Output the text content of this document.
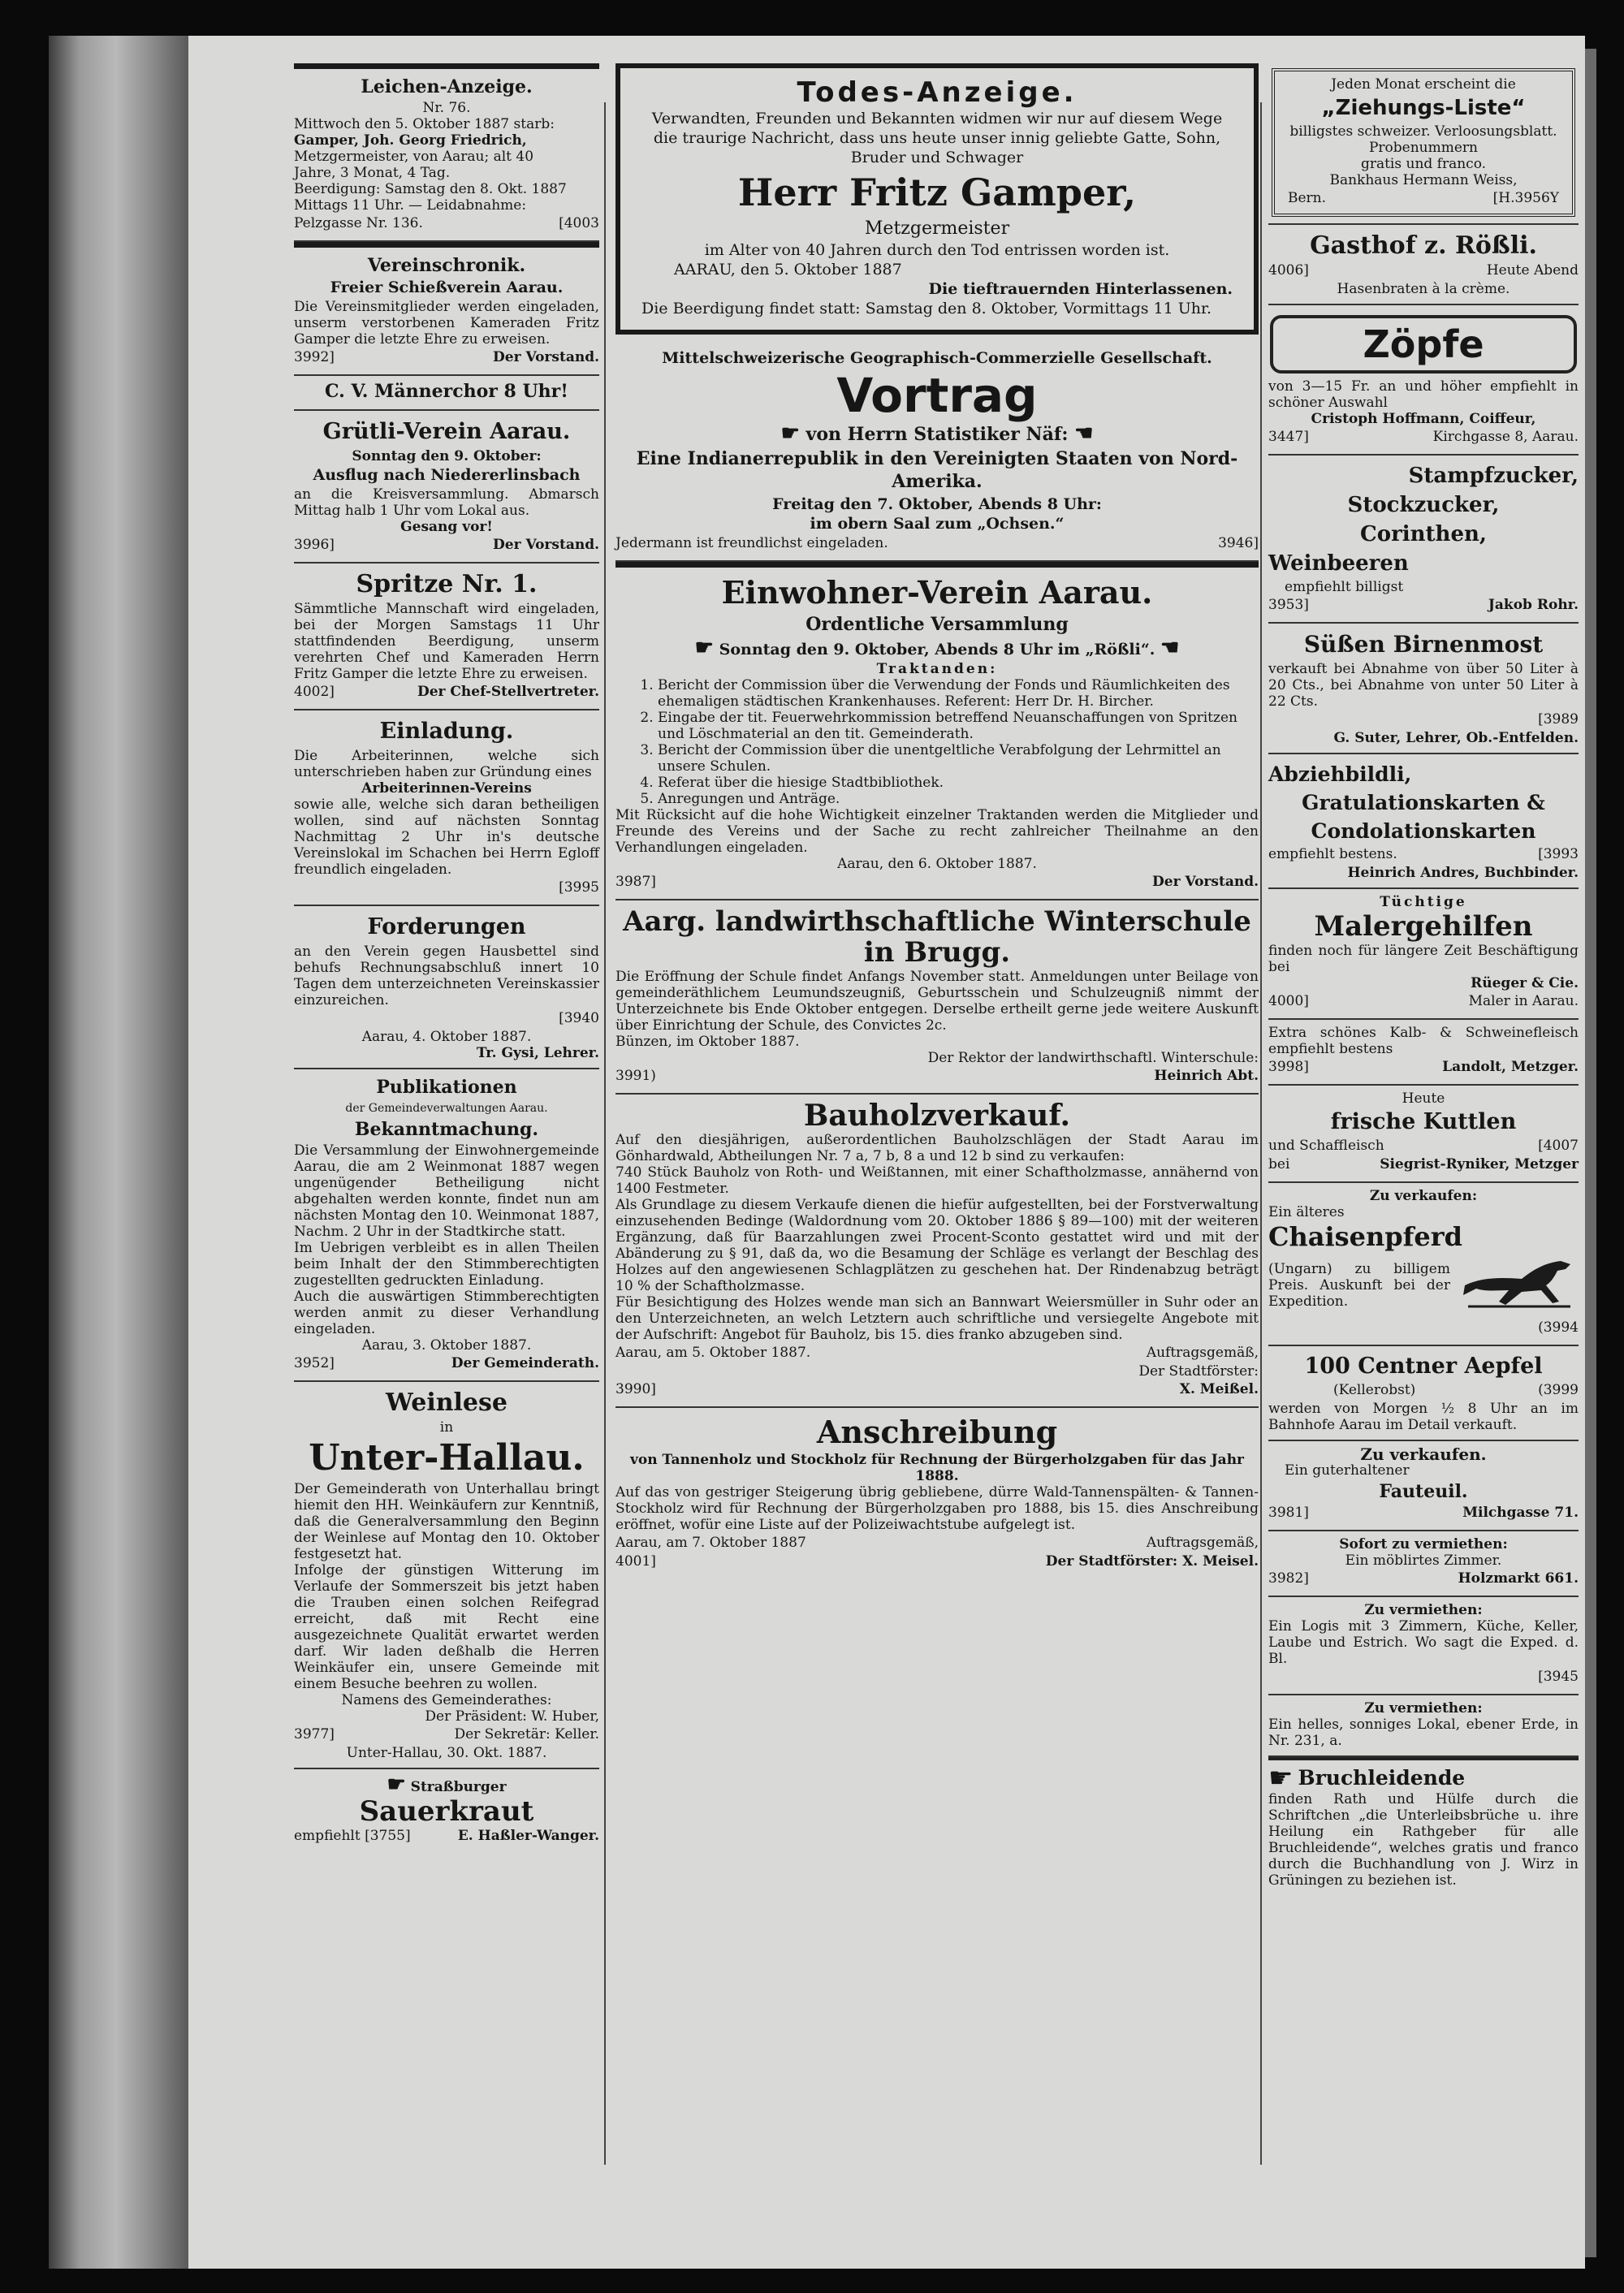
Leichen-Anzeige.

Nr. 76.

Mittwoch den 5. Oktober 1887 starb:

Gamper, Joh. Georg Friedrich,

Metzgermeister, von Aarau; alt 40

Jahre, 3 Monat, 4 Tag.

Beerdigung: Samstag den 8. Okt. 1887

Mittags 11 Uhr. — Leidabnahme:

Pelzgasse Nr. 136.	[4003
Vereinschronik.
Freier Schießverein Aarau.

Die Vereinsmitglieder werden eingeladen, unserm verstorbenen Kameraden Fritz Gamper die letzte Ehre zu erweisen.

3992]	Der Vorstand.
C. V. Männerchor 8 Uhr!
Grütli-Verein Aarau.

Sonntag den 9. Oktober:

Ausflug nach Niedererlinsbach

an die Kreisversammlung. Abmarsch Mittag halb 1 Uhr vom Lokal aus.

Gesang vor!

3996]	Der Vorstand.
Spritze Nr. 1.

Sämmtliche Mannschaft wird eingeladen, bei der Morgen Samstags 11 Uhr stattfindenden Beerdigung, unserm verehrten Chef und Kameraden Herrn Fritz Gamper die letzte Ehre zu erweisen.

4002]	Der Chef-Stellvertreter.
Einladung.

Die Arbeiterinnen, welche sich unterschrieben haben zur Gründung eines

Arbeiterinnen-Vereins

sowie alle, welche sich daran betheiligen wollen, sind auf nächsten Sonntag Nachmittag 2 Uhr in's deutsche Vereinslokal im Schachen bei Herrn Egloff freundlich eingeladen.

[3995
Forderungen

an den Verein gegen Hausbettel sind behufs Rechnungsabschluß innert 10 Tagen dem unterzeichneten Vereinskassier einzureichen.

[3940

Aarau, 4. Oktober 1887.

Tr. Gysi, Lehrer.

Publikationen

der Gemeindeverwaltungen Aarau.

Bekanntmachung.

Die Versammlung der Einwohnergemeinde Aarau, die am 2 Weinmonat 1887 wegen ungenügender Betheiligung nicht abgehalten werden konnte, findet nun am nächsten Montag den 10. Weinmonat 1887, Nachm. 2 Uhr in der Stadtkirche statt.

Im Uebrigen verbleibt es in allen Theilen beim Inhalt der den Stimmberechtigten zugestellten gedruckten Einladung.

Auch die auswärtigen Stimmberechtigten werden anmit zu dieser Verhandlung eingeladen.

Aarau, 3. Oktober 1887.

3952]	Der Gemeinderath.
Weinlese

in

Unter-Hallau.

Der Gemeinderath von Unterhallau bringt hiemit den HH. Weinkäufern zur Kenntniß, daß die Generalversammlung den Beginn der Weinlese auf Montag den 10. Oktober festgesetzt hat.

Infolge der günstigen Witterung im Verlaufe der Sommerszeit bis jetzt haben die Trauben einen solchen Reifegrad erreicht, daß mit Recht eine ausgezeichnete Qualität erwartet werden darf. Wir laden deßhalb die Herren Weinkäufer ein, unsere Gemeinde mit einem Besuche beehren zu wollen.

Namens des Gemeinderathes:

Der Präsident: W. Huber,

3977]	Der Sekretär: Keller.

Unter-Hallau, 30. Okt. 1887.

☛ Straßburger

Sauerkraut
empfiehlt [3755]	E. Haßler-Wanger.
Todes-Anzeige.

Verwandten, Freunden und Bekannten widmen wir nur auf diesem Wege die traurige Nachricht, dass uns heute unser innig geliebte Gatte, Sohn, Bruder und Schwager

Herr Fritz Gamper,

Metzgermeister

im Alter von 40 Jahren durch den Tod entrissen worden ist.

AARAU, den 5. Oktober 1887

Die tieftrauernden Hinterlassenen.

Die Beerdigung findet statt: Samstag den 8. Oktober, Vormittags 11 Uhr.

Mittelschweizerische Geographisch-Commerzielle Gesellschaft.
Vortrag
☛ von Herrn Statistiker Näf: ☚
Eine Indianerrepublik in den Vereinigten Staaten von Nord-Amerika.

Freitag den 7. Oktober, Abends 8 Uhr:

im obern Saal zum „Ochsen.“

Jedermann ist freundlichst eingeladen.	3946]
Einwohner-Verein Aarau.
Ordentliche Versammlung
☛ Sonntag den 9. Oktober, Abends 8 Uhr im „Rößli“. ☚

Traktanden:

1. Bericht der Commission über die Verwendung der Fonds und Räumlichkeiten des ehemaligen städtischen Krankenhauses. Referent: Herr Dr. H. Bircher.
2. Eingabe der tit. Feuerwehrkommission betreffend Neuanschaffungen von Spritzen und Löschmaterial an den tit. Gemeinderath.
3. Bericht der Commission über die unentgeltliche Verabfolgung der Lehrmittel an unsere Schulen.
4. Referat über die hiesige Stadtbibliothek.
5. Anregungen und Anträge.

Mit Rücksicht auf die hohe Wichtigkeit einzelner Traktanden werden die Mitglieder und Freunde des Vereins und der Sache zu recht zahlreicher Theilnahme an den Verhandlungen eingeladen.

Aarau, den 6. Oktober 1887.

3987]	Der Vorstand.
Aarg. landwirthschaftliche Winterschule
in Brugg.

Die Eröffnung der Schule findet Anfangs November statt. Anmeldungen unter Beilage von gemeinderäthlichem Leumundszeugniß, Geburtsschein und Schulzeugniß nimmt der Unterzeichnete bis Ende Oktober entgegen. Derselbe ertheilt gerne jede weitere Auskunft über Einrichtung der Schule, des Convictes 2c.

Bünzen, im Oktober 1887.

Der Rektor der landwirthschaftl. Winterschule:

3991)	Heinrich Abt.
Bauholzverkauf.

Auf den diesjährigen, außerordentlichen Bauholzschlägen der Stadt Aarau im Gönhardwald, Abtheilungen Nr. 7 a, 7 b, 8 a und 12 b sind zu verkaufen:

740 Stück Bauholz von Roth- und Weißtannen, mit einer Schaftholzmasse, annähernd von 1400 Festmeter.

Als Grundlage zu diesem Verkaufe dienen die hiefür aufgestellten, bei der Forstverwaltung einzusehenden Bedinge (Waldordnung vom 20. Oktober 1886 § 89—100) mit der weiteren Ergänzung, daß für Baarzahlungen zwei Procent-Sconto gestattet wird und mit der Abänderung zu § 91, daß da, wo die Besamung der Schläge es verlangt der Beschlag des Holzes auf den angewiesenen Schlagplätzen zu geschehen hat. Der Rindenabzug beträgt 10 % der Schaftholzmasse.

Für Besichtigung des Holzes wende man sich an Bannwart Weiersmüller in Suhr oder an den Unterzeichneten, an welch Letztern auch schriftliche und versiegelte Angebote mit der Aufschrift: Angebot für Bauholz, bis 15. dies franko abzugeben sind.

Aarau, am 5. Oktober 1887.	Auftragsgemäß,

Der Stadtförster:

3990]	X. Meißel.
Anschreibung

von Tannenholz und Stockholz für Rechnung der Bürgerholzgaben für das Jahr 1888.

Auf das von gestriger Steigerung übrig gebliebene, dürre Wald-Tannenspälten- & Tannen-Stockholz wird für Rechnung der Bürgerholzgaben pro 1888, bis 15. dies Anschreibung eröffnet, wofür eine Liste auf der Polizeiwachtstube aufgelegt ist.

Aarau, am 7. Oktober 1887	Auftragsgemäß,
4001]	Der Stadtförster: X. Meisel.

Jeden Monat erscheint die

„Ziehungs-Liste“

billigstes schweizer. Verloosungsblatt.

Probenummern

gratis und franco.

Bankhaus Hermann Weiss,

Bern.	[H.3956Y
Gasthof z. Rößli.
4006]	Heute Abend

Hasenbraten à la crème.

Zöpfe

von 3—15 Fr. an und höher empfiehlt in schöner Auswahl

Cristoph Hoffmann, Coiffeur,

3447]	Kirchgasse 8, Aarau.
Stampfzucker,
Stockzucker,
Corinthen,
Weinbeeren

empfiehlt billigst

3953]	Jakob Rohr.
Süßen Birnenmost

verkauft bei Abnahme von über 50 Liter à 20 Cts., bei Abnahme von unter 50 Liter à 22 Cts.

[3989

G. Suter, Lehrer, Ob.-Entfelden.

Abziehbildli,
Gratulationskarten &
Condolationskarten
empfiehlt bestens.	[3993

Heinrich Andres, Buchbinder.

Tüchtige

Malergehilfen

finden noch für längere Zeit Beschäftigung bei

Rüeger & Cie.

4000]	Maler in Aarau.

Extra schönes Kalb- & Schweinefleisch empfiehlt bestens

3998]	Landolt, Metzger.

Heute

frische Kuttlen
und Schaffleisch	[4007
bei	Siegrist-Ryniker, Metzger

Zu verkaufen:

Ein älteres

Chaisenpferd

(Ungarn) zu billigem Preis. Auskunft bei der Expedition.

(3994
100 Centner Aepfel
(Kellerobst)	(3999

werden von Morgen ½ 8 Uhr an im Bahnhofe Aarau im Detail verkauft.

Zu verkaufen.

Ein guterhaltener

Fauteuil.
3981]	Milchgasse 71.

Sofort zu vermiethen:

Ein möblirtes Zimmer.

3982]	Holzmarkt 661.

Zu vermiethen:

Ein Logis mit 3 Zimmern, Küche, Keller, Laube und Estrich. Wo sagt die Exped. d. Bl.

[3945

Zu vermiethen:

Ein helles, sonniges Lokal, ebener Erde, in Nr. 231, a.

☛ Bruchleidende

finden Rath und Hülfe durch die Schriftchen „die Unterleibsbrüche u. ihre Heilung ein Rathgeber für alle Bruchleidende“, welches gratis und franco durch die Buchhandlung von J. Wirz in Grüningen zu beziehen ist.
